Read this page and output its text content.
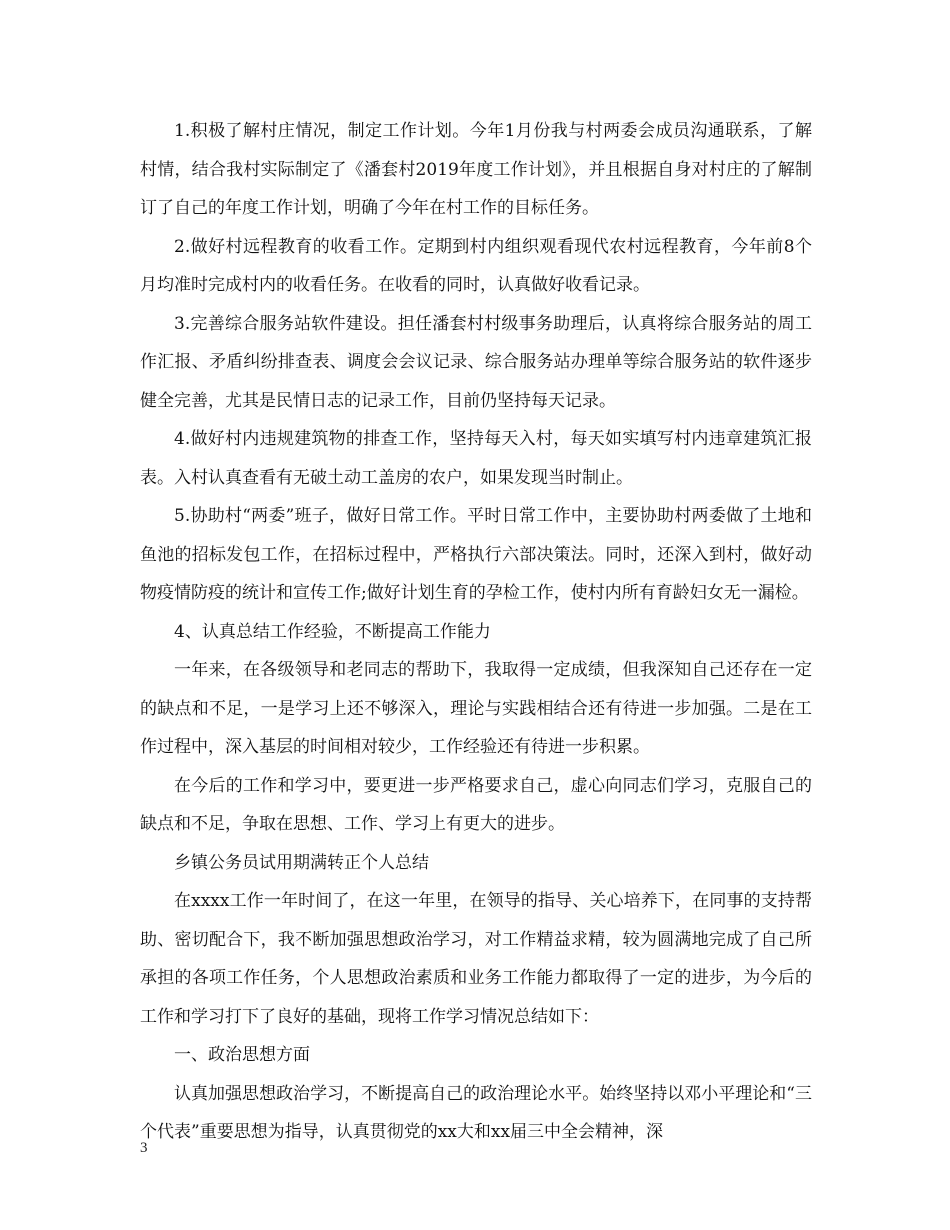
1.积极了解村庄情况，制定工作计划。今年1月份我与村两委会成员沟通联系，了解村情，结合我村实际制定了《潘套村2019年度工作计划》，并且根据自身对村庄的了解制订了自己的年度工作计划，明确了今年在村工作的目标任务。

2.做好村远程教育的收看工作。定期到村内组织观看现代农村远程教育，今年前8个月均准时完成村内的收看任务。在收看的同时，认真做好收看记录。

3.完善综合服务站软件建设。担任潘套村村级事务助理后，认真将综合服务站的周工作汇报、矛盾纠纷排查表、调度会会议记录、综合服务站办理单等综合服务站的软件逐步健全完善，尤其是民情日志的记录工作，目前仍坚持每天记录。

4.做好村内违规建筑物的排查工作，坚持每天入村，每天如实填写村内违章建筑汇报表。入村认真查看有无破土动工盖房的农户，如果发现当时制止。

5.协助村“两委”班子，做好日常工作。平时日常工作中，主要协助村两委做了土地和鱼池的招标发包工作，在招标过程中，严格执行六部决策法。同时，还深入到村，做好动物疫情防疫的统计和宣传工作;做好计划生育的孕检工作，使村内所有育龄妇女无一漏检。

4、认真总结工作经验，不断提高工作能力

一年来，在各级领导和老同志的帮助下，我取得一定成绩，但我深知自己还存在一定的缺点和不足，一是学习上还不够深入，理论与实践相结合还有待进一步加强。二是在工作过程中，深入基层的时间相对较少，工作经验还有待进一步积累。

在今后的工作和学习中，要更进一步严格要求自己，虚心向同志们学习，克服自己的缺点和不足，争取在思想、工作、学习上有更大的进步。

乡镇公务员试用期满转正个人总结

在xxxx工作一年时间了，在这一年里，在领导的指导、关心培养下，在同事的支持帮助、密切配合下，我不断加强思想政治学习，对工作精益求精，较为圆满地完成了自己所承担的各项工作任务，个人思想政治素质和业务工作能力都取得了一定的进步，为今后的工作和学习打下了良好的基础，现将工作学习情况总结如下：

一、政治思想方面

认真加强思想政治学习，不断提高自己的政治理论水平。始终坚持以邓小平理论和“三个代表”重要思想为指导，认真贯彻党的xx大和xx届三中全会精神，深

3
